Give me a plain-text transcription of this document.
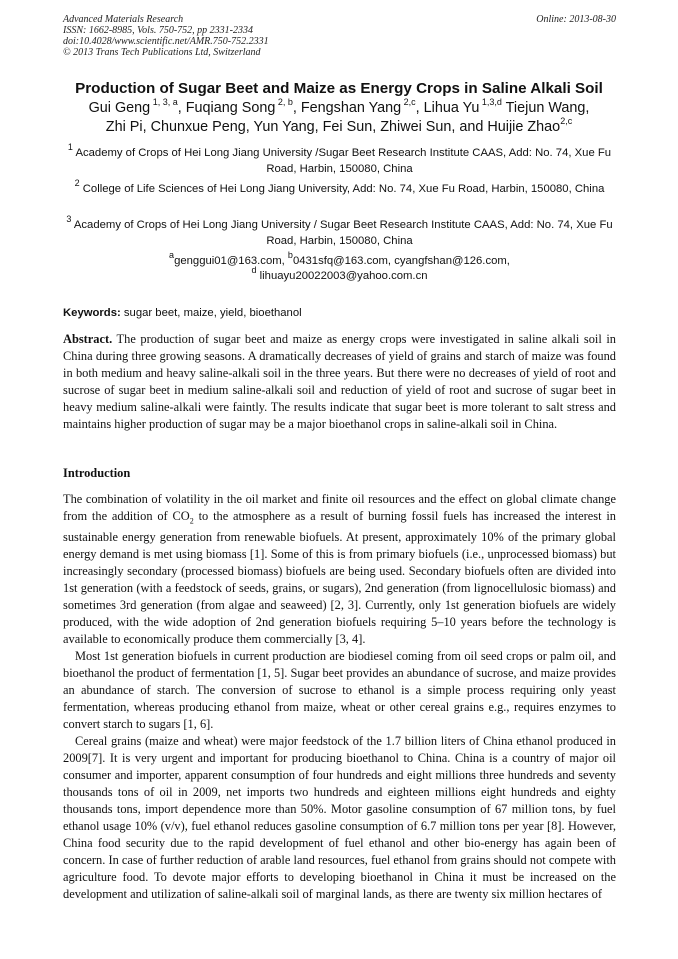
Advanced Materials Research
ISSN: 1662-8985, Vols. 750-752, pp 2331-2334
doi:10.4028/www.scientific.net/AMR.750-752.2331
© 2013 Trans Tech Publications Ltd, Switzerland
Online: 2013-08-30
Production of Sugar Beet and Maize as Energy Crops in Saline Alkali Soil
Gui Geng $^{1, 3, a}$, Fuqiang Song $^{2, b}$, Fengshan Yang $^{2,c}$, Lihua Yu $^{1,3,d}$ Tiejun Wang,
Zhi Pi, Chunxue Peng, Yun Yang, Fei Sun, Zhiwei Sun, and Huijie Zhao$^{2,c}$
$^1$ Academy of Crops of Hei Long Jiang University /Sugar Beet Research Institute CAAS, Add: No. 74, Xue Fu Road, Harbin, 150080, China
$^2$ College of Life Sciences of Hei Long Jiang University, Add: No. 74, Xue Fu Road, Harbin, 150080, China
$^3$ Academy of Crops of Hei Long Jiang University / Sugar Beet Research Institute CAAS, Add: No. 74, Xue Fu Road, Harbin, 150080, China
$^a$genggui01@163.com, $^b$0431sfq@163.com, cyangfshan@126.com,
$^d$ lihuayu20022003@yahoo.com.cn
Keywords: sugar beet, maize, yield, bioethanol
Abstract. The production of sugar beet and maize as energy crops were investigated in saline alkali soil in China during three growing seasons. A dramatically decreases of yield of grains and starch of maize was found in both medium and heavy saline-alkali soil in the three years. But there were no decreases of yield of root and sucrose of sugar beet in medium saline-alkali soil and reduction of yield of root and sucrose of sugar beet in heavy medium saline-alkali were faintly. The results indicate that sugar beet is more tolerant to salt stress and maintains higher production of sugar may be a major bioethanol crops in saline-alkali soil in China.
Introduction
The combination of volatility in the oil market and finite oil resources and the effect on global climate change from the addition of $CO_2$ to the atmosphere as a result of burning fossil fuels has increased the interest in sustainable energy generation from renewable biofuels. At present, approximately 10% of the primary global energy demand is met using biomass [1]. Some of this is from primary biofuels (i.e., unprocessed biomass) but increasingly secondary (processed biomass) biofuels are being used. Secondary biofuels often are divided into 1st generation (with a feedstock of seeds, grains, or sugars), 2nd generation (from lignocellulosic biomass) and sometimes 3rd generation (from algae and seaweed) [2, 3]. Currently, only 1st generation biofuels are widely produced, with the wide adoption of 2nd generation biofuels requiring 5–10 years before the technology is available to economically produce them commercially [3, 4].
Most 1st generation biofuels in current production are biodiesel coming from oil seed crops or palm oil, and bioethanol the product of fermentation [1, 5]. Sugar beet provides an abundance of sucrose, and maize provides an abundance of starch. The conversion of sucrose to ethanol is a simple process requiring only yeast fermentation, whereas producing ethanol from maize, wheat or other cereal grains e.g., requires enzymes to convert starch to sugars [1, 6].
Cereal grains (maize and wheat) were major feedstock of the 1.7 billion liters of China ethanol produced in 2009[7]. It is very urgent and important for producing bioethanol to China. China is a country of major oil consumer and importer, apparent consumption of four hundreds and eight millions three hundreds and seventy thousands tons of oil in 2009, net imports two hundreds and eighteen millions eight hundreds and eighty thousands tons, import dependence more than 50%. Motor gasoline consumption of 67 million tons, by fuel ethanol usage 10% (v/v), fuel ethanol reduces gasoline consumption of 6.7 million tons per year [8]. However, China food security due to the rapid development of fuel ethanol and other bio-energy has again been of concern. In case of further reduction of arable land resources, fuel ethanol from grains should not compete with agriculture food. To devote major efforts to developing bioethanol in China it must be increased on the development and utilization of saline-alkali soil of marginal lands, as there are twenty six million hectares of
